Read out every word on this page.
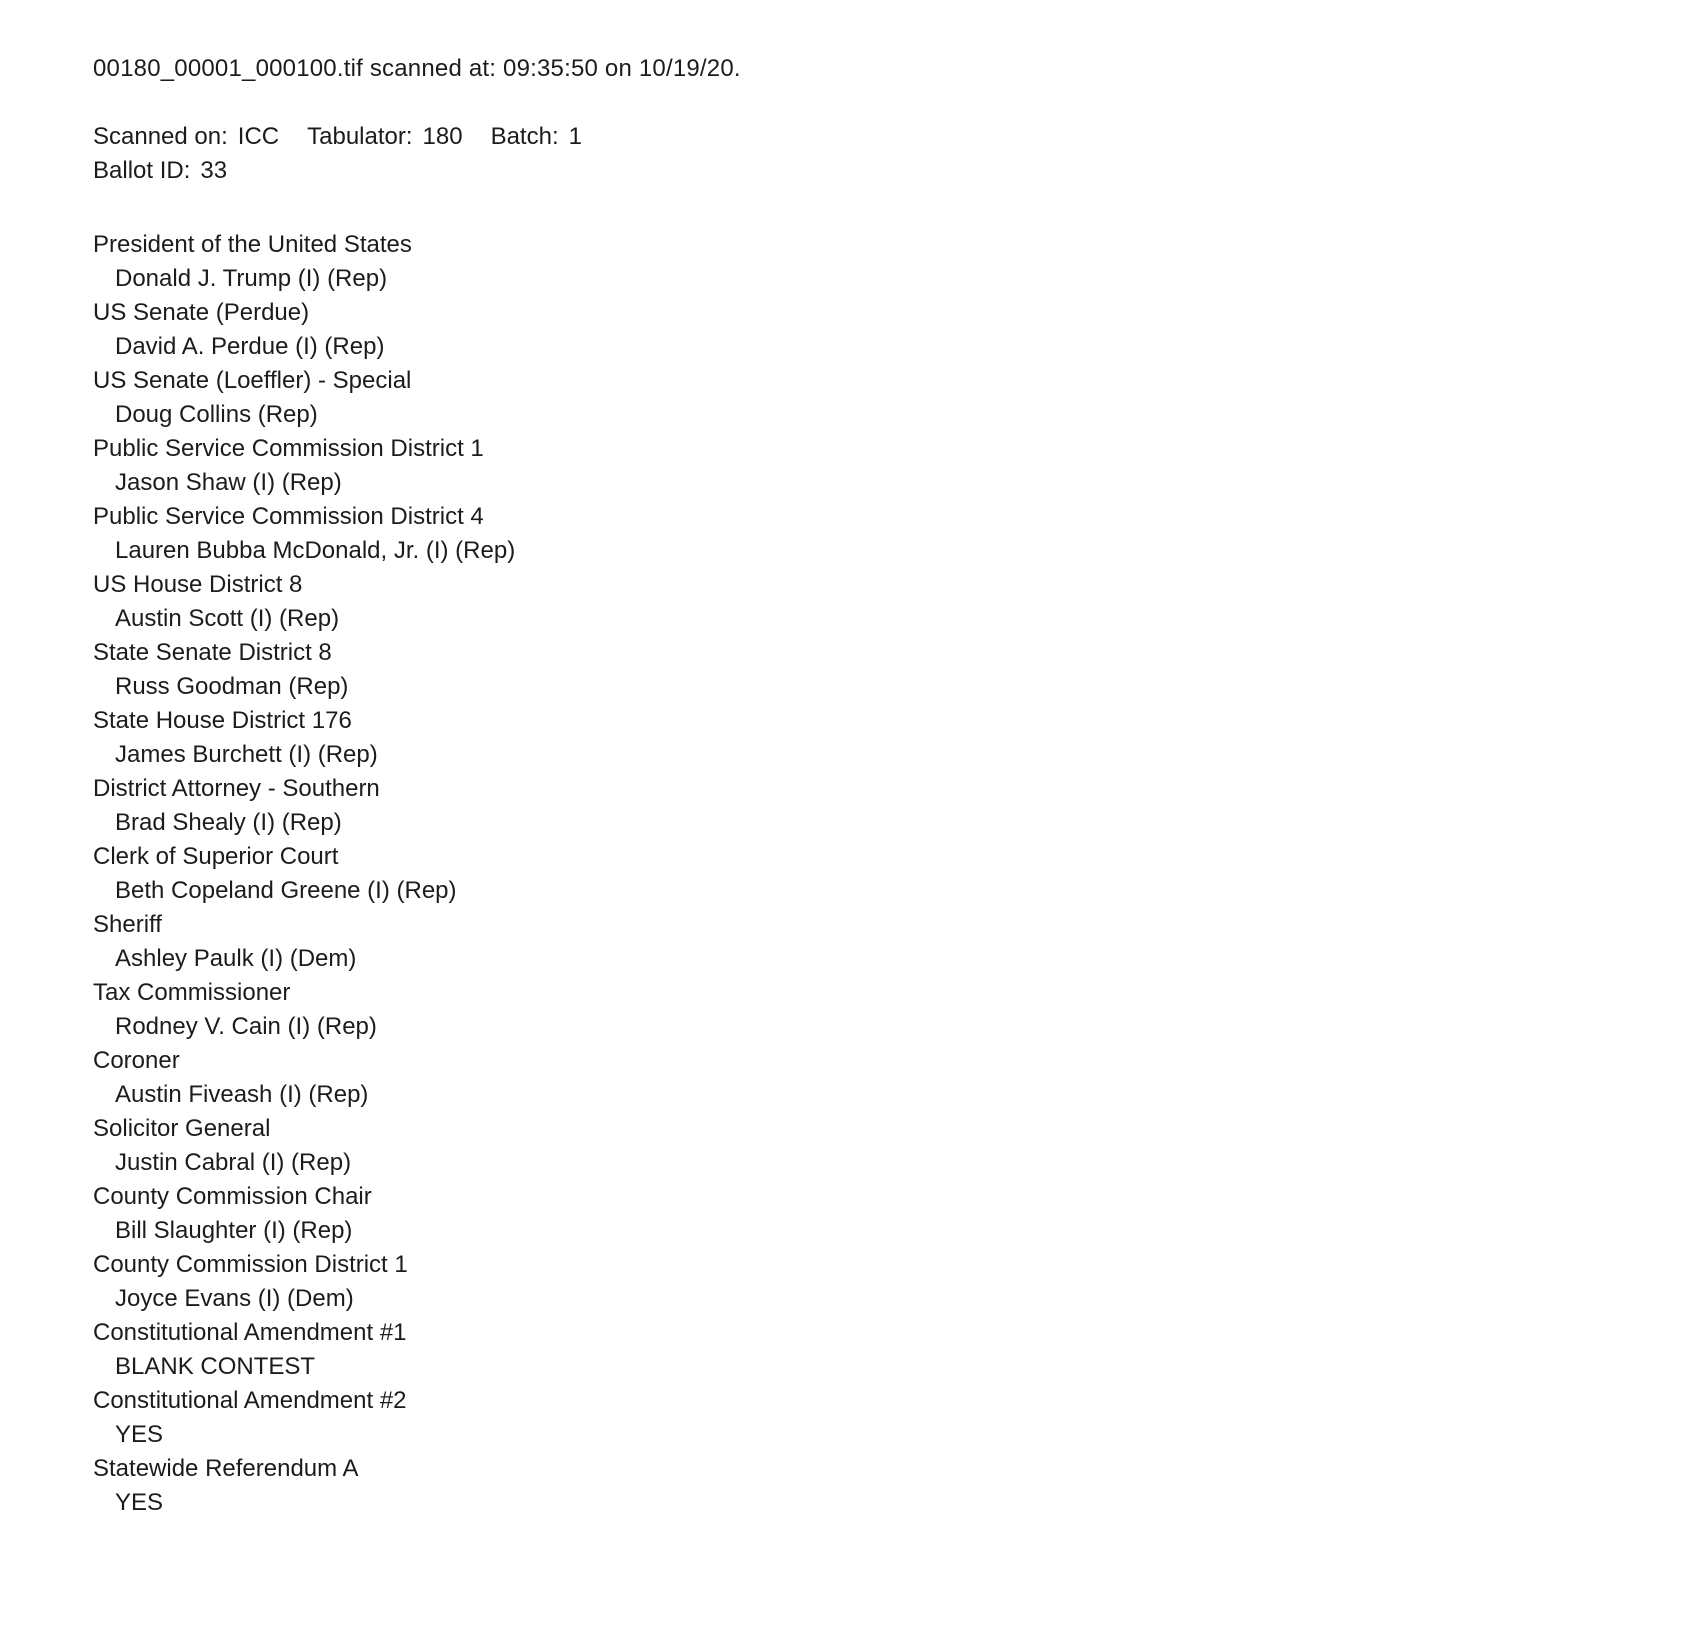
00180_00001_000100.tif scanned at: 09:35:50 on 10/19/20.
Scanned on: ICC Tabulator: 180 Batch: 1
Ballot ID: 33
President of the United States
Donald J. Trump (I) (Rep)
US Senate (Perdue)
David A. Perdue (I) (Rep)
US Senate (Loeffler) - Special
Doug Collins (Rep)
Public Service Commission District 1
Jason Shaw (I) (Rep)
Public Service Commission District 4
Lauren Bubba McDonald, Jr. (I) (Rep)
US House District 8
Austin Scott (I) (Rep)
State Senate District 8
Russ Goodman (Rep)
State House District 176
James Burchett (I) (Rep)
District Attorney - Southern
Brad Shealy (I) (Rep)
Clerk of Superior Court
Beth Copeland Greene (I) (Rep)
Sheriff
Ashley Paulk (I) (Dem)
Tax Commissioner
Rodney V. Cain (I) (Rep)
Coroner
Austin Fiveash (I) (Rep)
Solicitor General
Justin Cabral (I) (Rep)
County Commission Chair
Bill Slaughter (I) (Rep)
County Commission District 1
Joyce Evans (I) (Dem)
Constitutional Amendment #1
BLANK CONTEST
Constitutional Amendment #2
YES
Statewide Referendum A
YES
